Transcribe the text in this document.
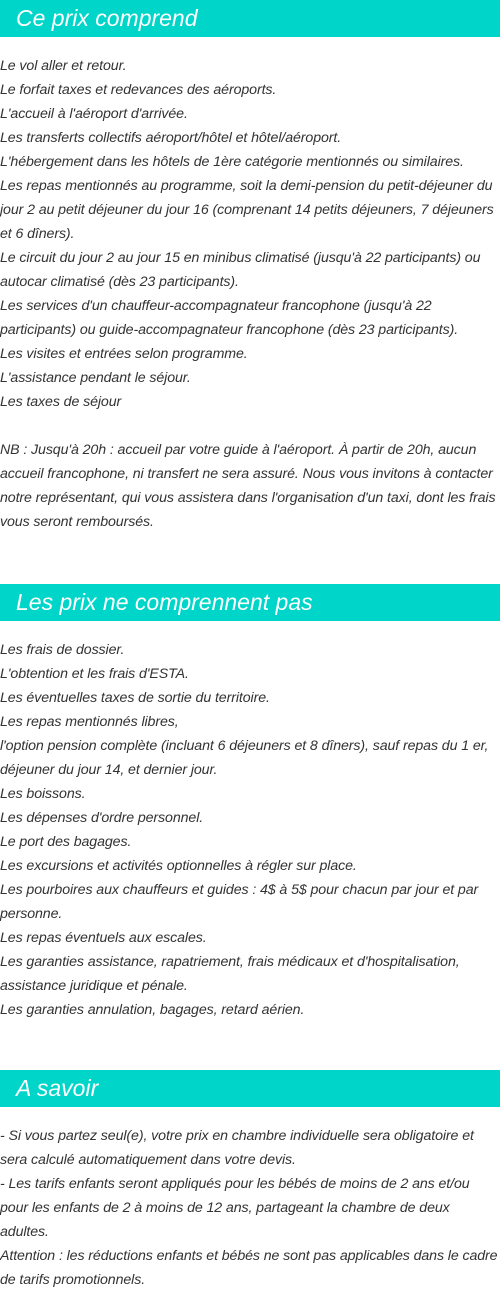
Ce prix comprend
Le vol aller et retour.
Le forfait taxes et redevances des aéroports.
L'accueil à l'aéroport d'arrivée.
Les transferts collectifs aéroport/hôtel et hôtel/aéroport.
L'hébergement dans les hôtels de 1ère catégorie mentionnés ou similaires.
Les repas mentionnés au programme, soit la demi-pension du petit-déjeuner du jour 2 au petit déjeuner du jour 16 (comprenant 14 petits déjeuners, 7 déjeuners et 6 dîners).
Le circuit du jour 2 au jour 15 en minibus climatisé (jusqu'à 22 participants) ou autocar climatisé (dès 23 participants).
Les services d'un chauffeur-accompagnateur francophone (jusqu'à 22 participants) ou guide-accompagnateur francophone (dès 23 participants).
Les visites et entrées selon programme.
L'assistance pendant le séjour.
Les taxes de séjour
NB : Jusqu'à 20h : accueil par votre guide à l'aéroport. À partir de 20h, aucun accueil francophone, ni transfert ne sera assuré. Nous vous invitons à contacter notre représentant, qui vous assistera dans l'organisation d'un taxi, dont les frais vous seront remboursés.
Les prix ne comprennent pas
Les frais de dossier.
L'obtention et les frais d'ESTA.
Les éventuelles taxes de sortie du territoire.
Les repas mentionnés libres,
l'option pension complète (incluant 6 déjeuners et 8 dîners), sauf repas du 1 er, déjeuner du jour 14, et dernier jour.
Les boissons.
Les dépenses d'ordre personnel.
Le port des bagages.
Les excursions et activités optionnelles à régler sur place.
Les pourboires aux chauffeurs et guides : 4$ à 5$ pour chacun par jour et par personne.
Les repas éventuels aux escales.
Les garanties assistance, rapatriement, frais médicaux et d'hospitalisation, assistance juridique et pénale.
Les garanties annulation, bagages, retard aérien.
A savoir
- Si vous partez seul(e), votre prix en chambre individuelle sera obligatoire et sera calculé automatiquement dans votre devis.
- Les tarifs enfants seront appliqués pour les bébés de moins de 2 ans et/ou pour les enfants de 2 à moins de 12 ans, partageant la chambre de deux adultes.
Attention : les réductions enfants et bébés ne sont pas applicables dans le cadre de tarifs promotionnels.
